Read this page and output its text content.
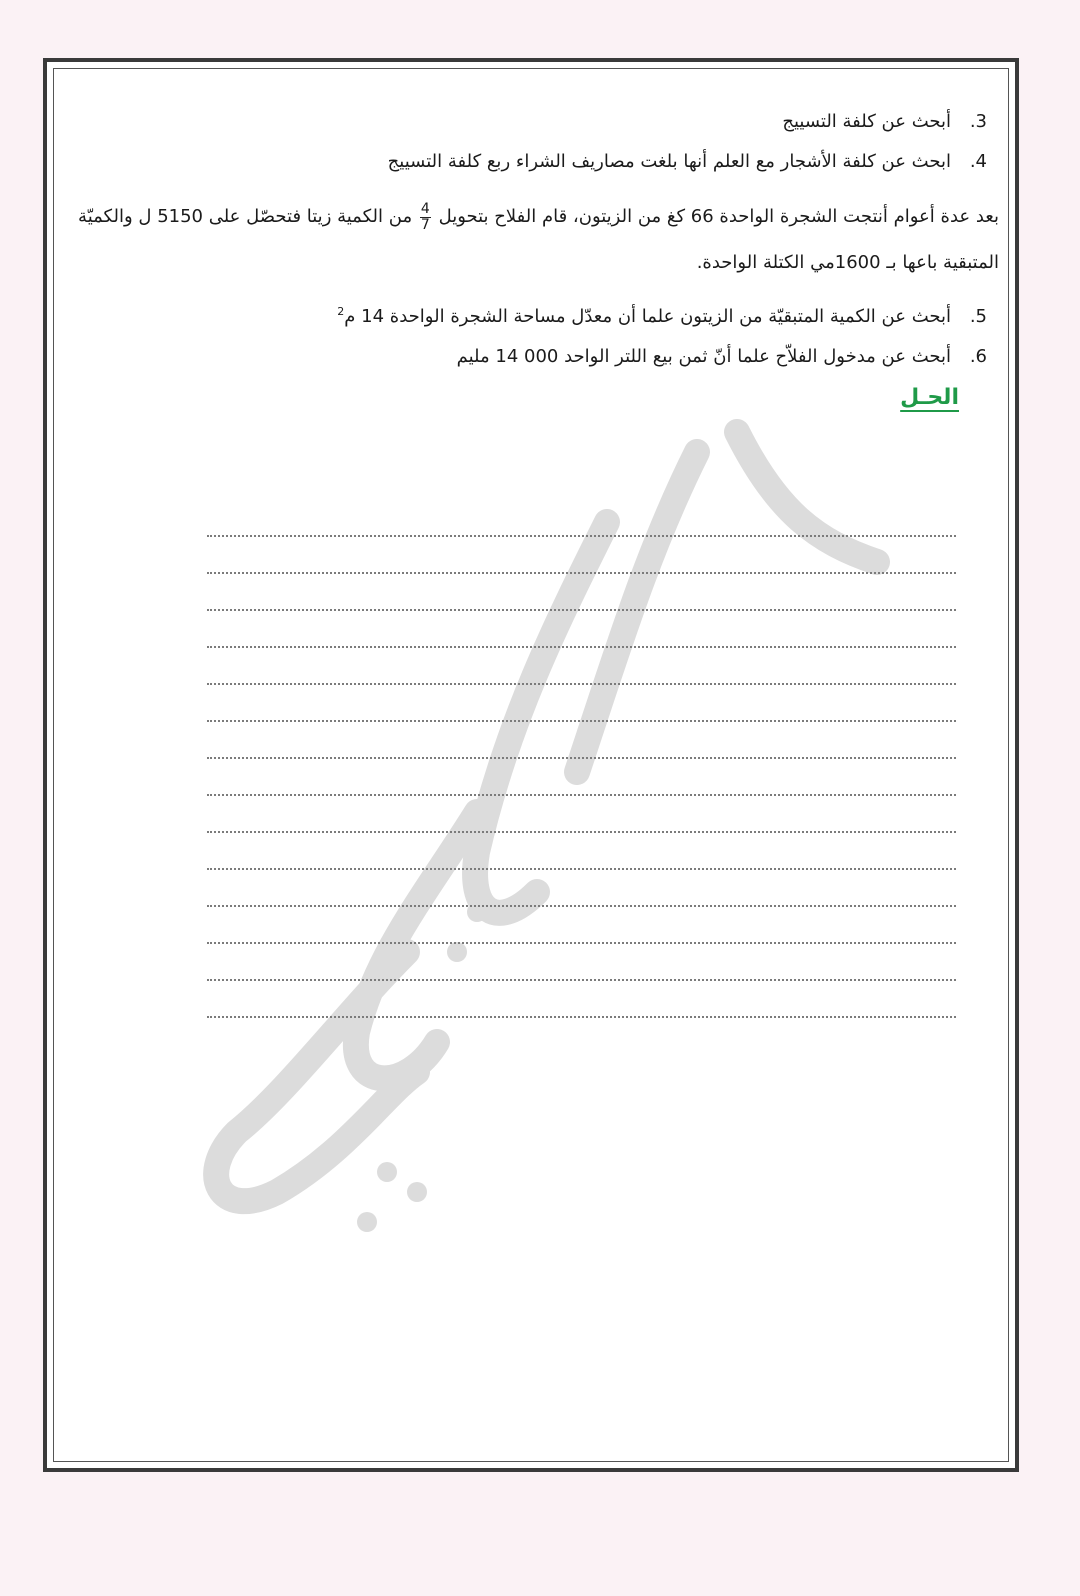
3.
أبحث عن كلفة التسييج
4.
ابحث عن كلفة الأشجار مع العلم أنها بلغت مصاريف الشراء ربع كلفة التسييج
بعد عدة أعوام أنتجت الشجرة الواحدة 66 كغ من الزيتون، قام الفلاح بتحويل
$\frac{4}{7}$
من الكمية زيتا فتحصّل على 5150 ل والكميّة المتبقية باعها بـ 1600مي الكتلة الواحدة.
5.
أبحث عن الكمية المتبقيّة من الزيتون علما أن معدّل مساحة الشجرة الواحدة 14 م$^2$
6.
أبحث عن مدخول الفلاّح علما أنّ ثمن بيع اللتر الواحد 000 14 مليم
الحـل
